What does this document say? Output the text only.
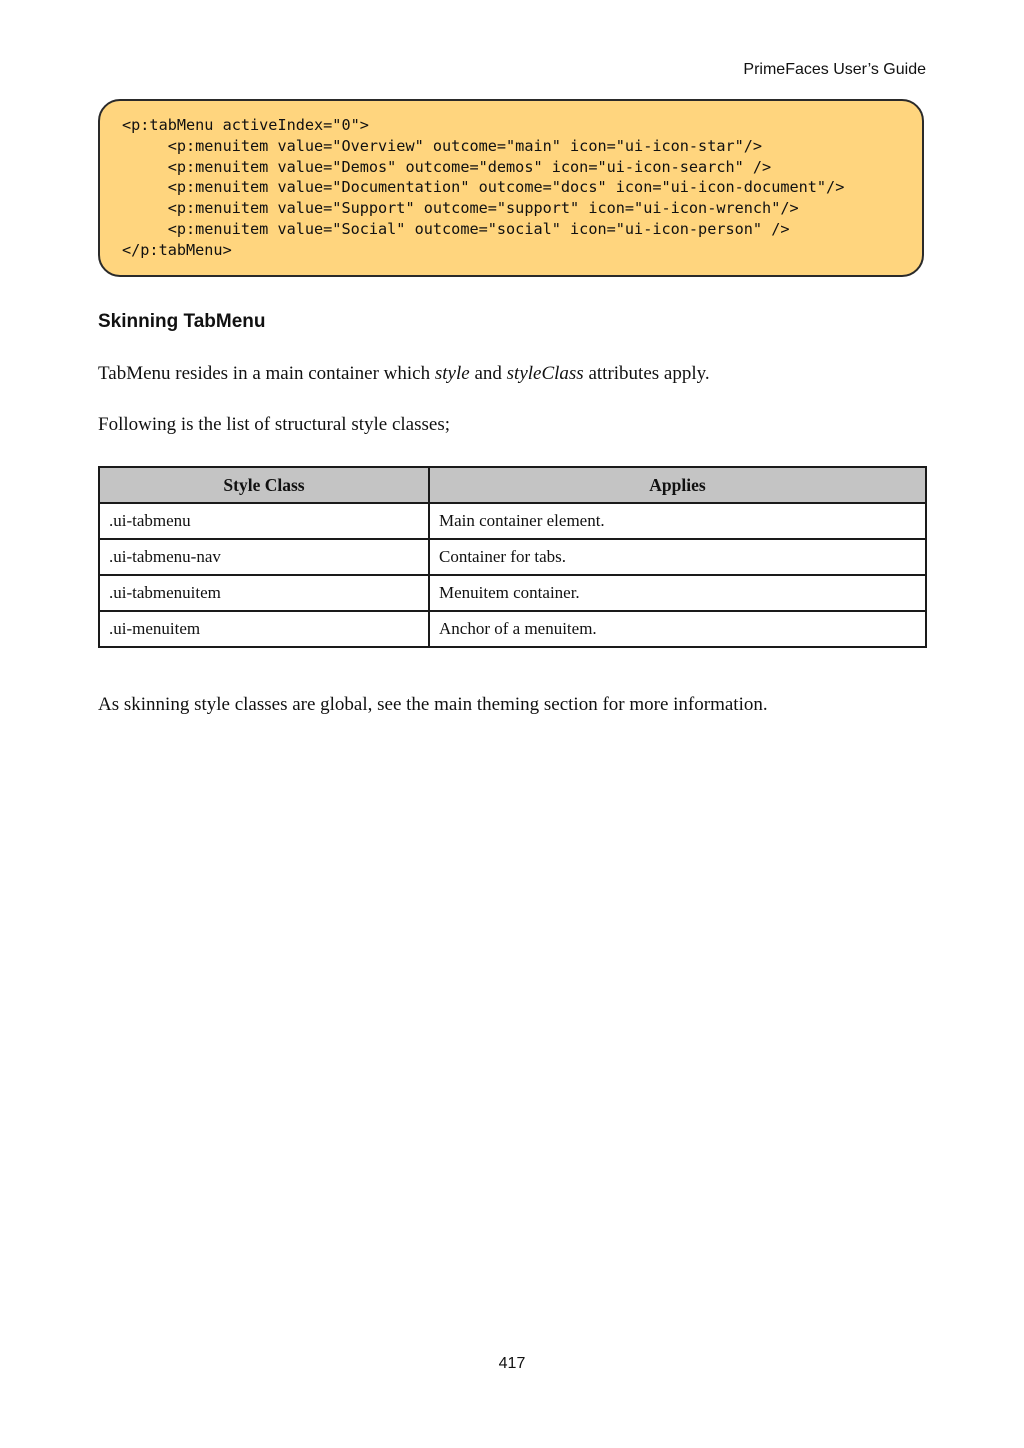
PrimeFaces User’s Guide
<p:tabMenu activeIndex="0">
<p:menuitem value="Overview" outcome="main" icon="ui-icon-star"/>
<p:menuitem value="Demos" outcome="demos" icon="ui-icon-search" />
<p:menuitem value="Documentation" outcome="docs" icon="ui-icon-document"/>
<p:menuitem value="Support" outcome="support" icon="ui-icon-wrench"/>
<p:menuitem value="Social" outcome="social" icon="ui-icon-person" />
</p:tabMenu>
Skinning TabMenu
TabMenu resides in a main container which style and styleClass attributes apply.
Following is the list of structural style classes;
Style Class	Applies
.ui-tabmenu	Main container element.
.ui-tabmenu-nav	Container for tabs.
.ui-tabmenuitem	Menuitem container.
.ui-menuitem	Anchor of a menuitem.
As skinning style classes are global, see the main theming section for more information.
417
